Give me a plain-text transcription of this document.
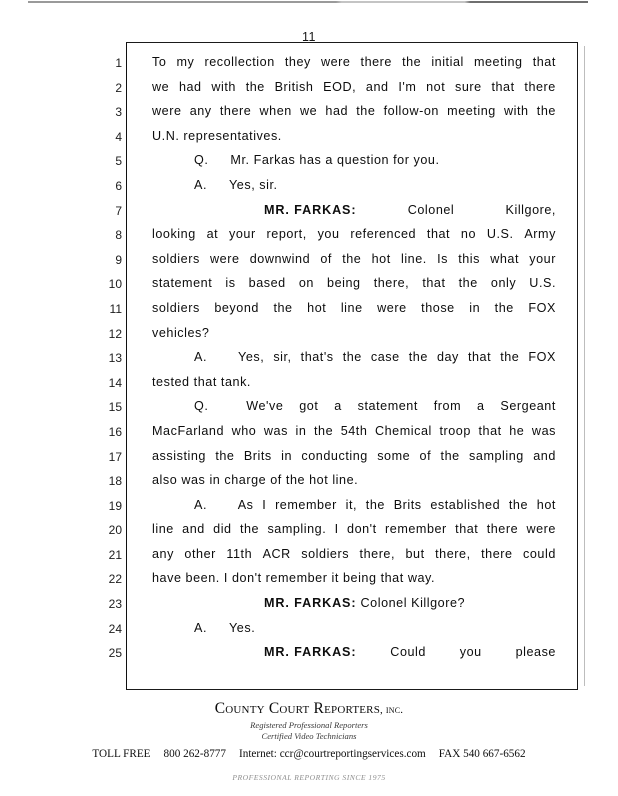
11
1 To my recollection they were there the initial meeting that
2 we had with the British EOD, and I'm not sure that there
3 were any there when we had the follow-on meeting with the
4 U.N. representatives.
5	Q. Mr. Farkas has a question for you.
6	A. Yes, sir.
7	MR. FARKAS:	Colonel	Killgore,
8 looking at your report, you referenced that no U.S. Army
9 soldiers were downwind of the hot line. Is this what your
10 statement is based on being there, that the only U.S.
11 soldiers beyond the hot line were those in the FOX
12 vehicles?
13	A.	Yes, sir, that's the case the day that the FOX
14 tested that tank.
15	Q.	We've got a statement from a Sergeant
16 MacFarland who was in the 54th Chemical troop that he was
17 assisting the Brits in conducting some of the sampling and
18 also was in charge of the hot line.
19	A.	As I remember it, the Brits established the hot
20 line and did the sampling. I don't remember that there were
21 any other 11th ACR soldiers there, but there, there could
22 have been. I don't remember it being that way.
23	MR. FARKAS: Colonel Killgore?
24	A. Yes.
25	MR. FARKAS:	Could	you	please
County Court Reporters, inc.
Registered Professional Reporters
Certified Video Technicians
TOLL FREE 800 262-8777 Internet: ccr@courtreportingservices.com FAX 540 667-6562
PROFESSIONAL REPORTING SINCE 1975
